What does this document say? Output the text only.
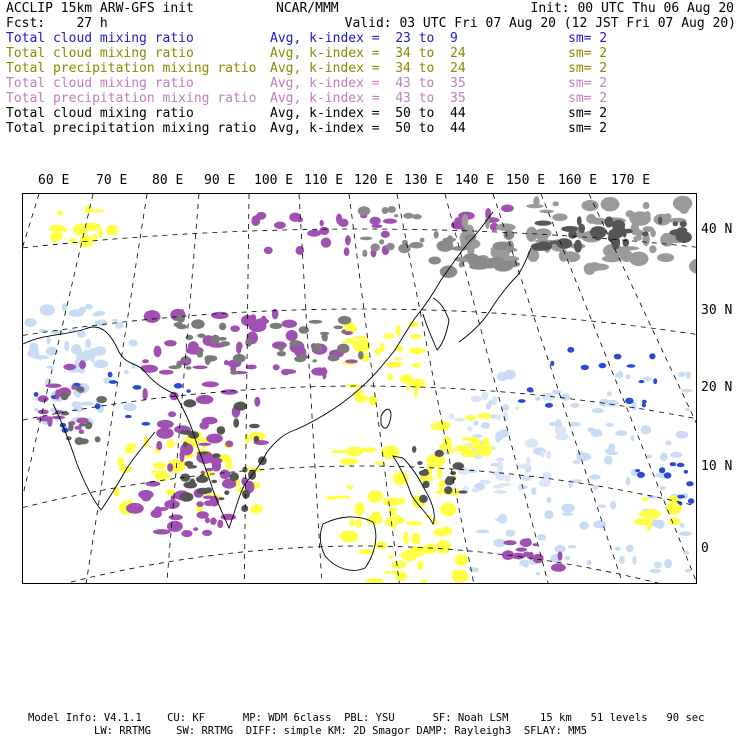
ACCLIP 15km ARW-GFS init	NCAR/MMM	Init: 00 UTC Thu 06 Aug 20
Fcst: 27 h	Valid: 03 UTC Fri 07 Aug 20 (12 JST Fri 07 Aug 20)
Total cloud mixing ratio	Avg, k-index =  23 to  9	sm= 2
Total cloud mixing ratio	Avg, k-index =  34 to  24	sm= 2
Total precipitation mixing ratio Avg, k-index =  34 to  24	sm= 2
Total cloud mixing ratio	Avg, k-index =  43 to  35	sm= 2
Total precipitation mixing ratio Avg, k-index =  43 to  35	sm= 2
Total cloud mixing ratio	Avg, k-index =  50 to  44	sm= 2
Total precipitation mixing ratio Avg, k-index =  50 to  44	sm= 2
60 E 70 E 80 E 90 E 100 E 110 E 120 E 130 E 140 E 150 E 160 E 170 E
40 N
30 N
20 N
10 N
0
Model Info: V4.1.1    CU: KF      MP: WDM 6class  PBL: YSU      SF: Noah LSM     15 km   51 levels   90 sec
LW: RRTMG    SW: RRTMG  DIFF: simple KM: 2D Smagor DAMP: Rayleigh3  SFLAY: MM5
